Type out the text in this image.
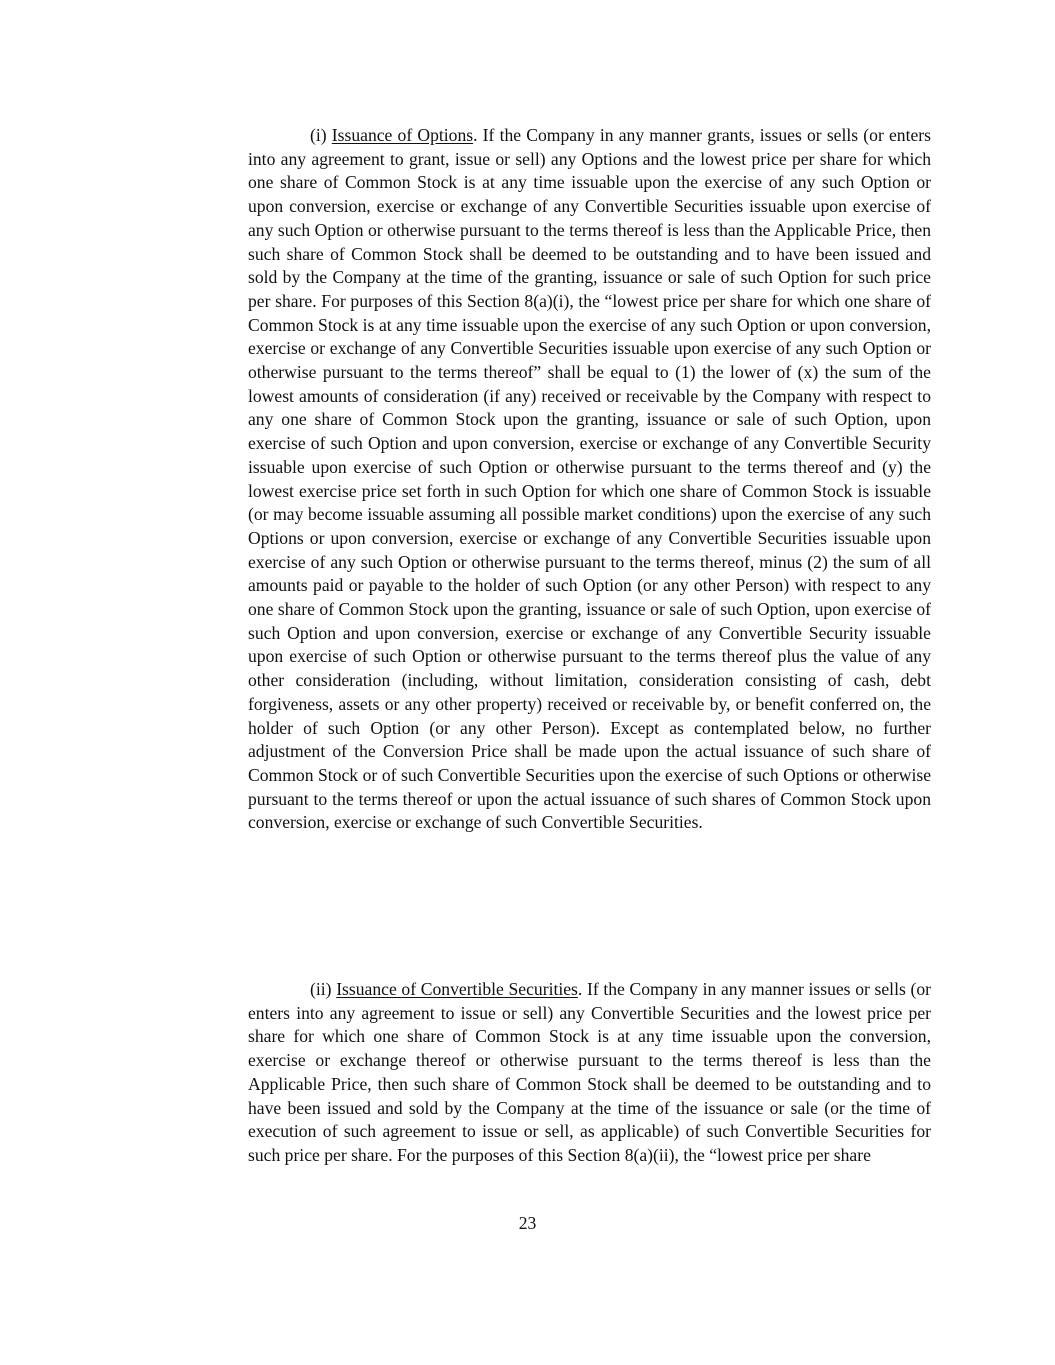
(i) Issuance of Options. If the Company in any manner grants, issues or sells (or enters into any agreement to grant, issue or sell) any Options and the lowest price per share for which one share of Common Stock is at any time issuable upon the exercise of any such Option or upon conversion, exercise or exchange of any Convertible Securities issuable upon exercise of any such Option or otherwise pursuant to the terms thereof is less than the Applicable Price, then such share of Common Stock shall be deemed to be outstanding and to have been issued and sold by the Company at the time of the granting, issuance or sale of such Option for such price per share. For purposes of this Section 8(a)(i), the “lowest price per share for which one share of Common Stock is at any time issuable upon the exercise of any such Option or upon conversion, exercise or exchange of any Convertible Securities issuable upon exercise of any such Option or otherwise pursuant to the terms thereof” shall be equal to (1) the lower of (x) the sum of the lowest amounts of consideration (if any) received or receivable by the Company with respect to any one share of Common Stock upon the granting, issuance or sale of such Option, upon exercise of such Option and upon conversion, exercise or exchange of any Convertible Security issuable upon exercise of such Option or otherwise pursuant to the terms thereof and (y) the lowest exercise price set forth in such Option for which one share of Common Stock is issuable (or may become issuable assuming all possible market conditions) upon the exercise of any such Options or upon conversion, exercise or exchange of any Convertible Securities issuable upon exercise of any such Option or otherwise pursuant to the terms thereof, minus (2) the sum of all amounts paid or payable to the holder of such Option (or any other Person) with respect to any one share of Common Stock upon the granting, issuance or sale of such Option, upon exercise of such Option and upon conversion, exercise or exchange of any Convertible Security issuable upon exercise of such Option or otherwise pursuant to the terms thereof plus the value of any other consideration (including, without limitation, consideration consisting of cash, debt forgiveness, assets or any other property) received or receivable by, or benefit conferred on, the holder of such Option (or any other Person). Except as contemplated below, no further adjustment of the Conversion Price shall be made upon the actual issuance of such share of Common Stock or of such Convertible Securities upon the exercise of such Options or otherwise pursuant to the terms thereof or upon the actual issuance of such shares of Common Stock upon conversion, exercise or exchange of such Convertible Securities.

(ii) Issuance of Convertible Securities. If the Company in any manner issues or sells (or enters into any agreement to issue or sell) any Convertible Securities and the lowest price per share for which one share of Common Stock is at any time issuable upon the conversion, exercise or exchange thereof or otherwise pursuant to the terms thereof is less than the Applicable Price, then such share of Common Stock shall be deemed to be outstanding and to have been issued and sold by the Company at the time of the issuance or sale (or the time of execution of such agreement to issue or sell, as applicable) of such Convertible Securities for such price per share. For the purposes of this Section 8(a)(ii), the “lowest price per share

23
